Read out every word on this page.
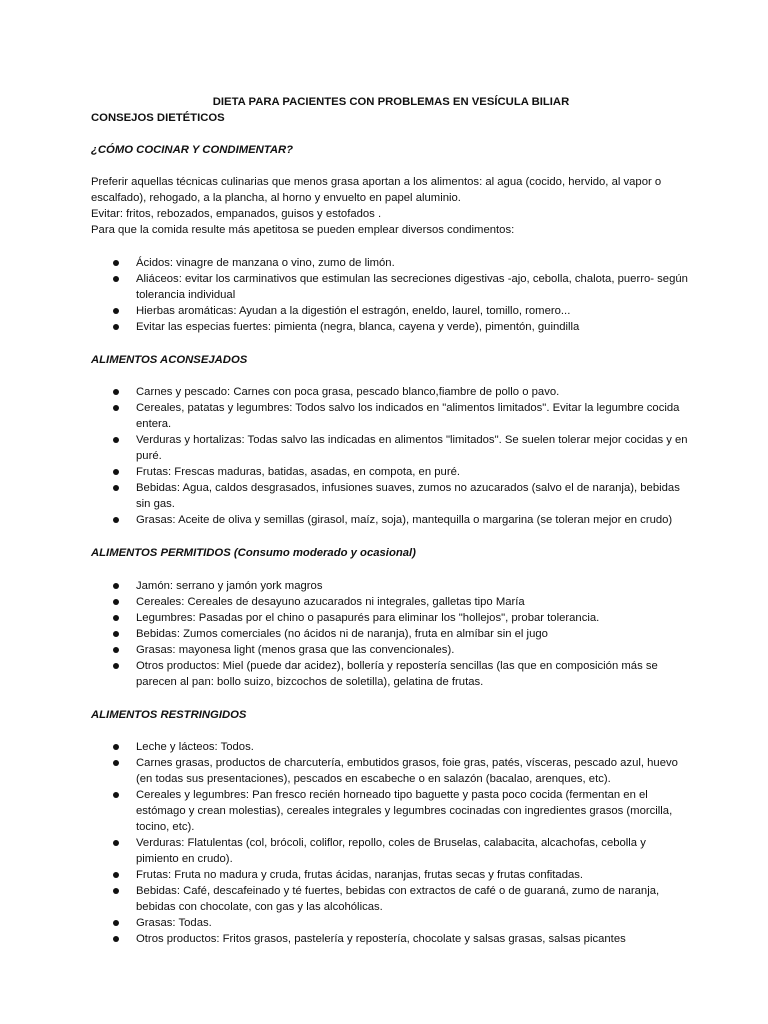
DIETA PARA PACIENTES CON PROBLEMAS EN VESÍCULA BILIAR

CONSEJOS DIETÉTICOS

¿CÓMO COCINAR Y CONDIMENTAR?

Preferir aquellas técnicas culinarias que menos grasa aportan a los alimentos: al agua (cocido, hervido, al vapor o escalfado), rehogado, a la plancha, al horno y envuelto en papel aluminio.

Evitar: fritos, rebozados, empanados, guisos y estofados .

Para que la comida resulte más apetitosa se pueden emplear diversos condimentos:

Ácidos: vinagre de manzana o vino, zumo de limón.
Aliáceos: evitar los carminativos que estimulan las secreciones digestivas -ajo, cebolla, chalota, puerro- según tolerancia individual
Hierbas aromáticas: Ayudan a la digestión el estragón, eneldo, laurel, tomillo, romero...
Evitar las especias fuertes: pimienta (negra, blanca, cayena y verde), pimentón, guindilla

ALIMENTOS ACONSEJADOS

Carnes y pescado: Carnes con poca grasa, pescado blanco,fiambre de pollo o pavo.
Cereales, patatas y legumbres: Todos salvo los indicados en "alimentos limitados". Evitar la legumbre cocida entera.
Verduras y hortalizas: Todas salvo las indicadas en alimentos "limitados". Se suelen tolerar mejor cocidas y en puré.
Frutas: Frescas maduras, batidas, asadas, en compota, en puré.
Bebidas: Agua, caldos desgrasados, infusiones suaves, zumos no azucarados (salvo el de naranja), bebidas sin gas.
Grasas: Aceite de oliva y semillas (girasol, maíz, soja), mantequilla o margarina (se toleran mejor en crudo)

ALIMENTOS PERMITIDOS (Consumo moderado y ocasional)

Jamón: serrano y jamón york magros
Cereales: Cereales de desayuno azucarados ni integrales, galletas tipo María
Legumbres: Pasadas por el chino o pasapurés para eliminar los "hollejos", probar tolerancia.
Bebidas: Zumos comerciales (no ácidos ni de naranja), fruta en almíbar sin el jugo
Grasas: mayonesa light (menos grasa que las convencionales).
Otros productos: Miel (puede dar acidez), bollería y repostería sencillas (las que en composición más se parecen al pan: bollo suizo, bizcochos de soletilla), gelatina de frutas.

ALIMENTOS RESTRINGIDOS

Leche y lácteos: Todos.
Carnes grasas, productos de charcutería, embutidos grasos, foie gras, patés, vísceras, pescado azul, huevo (en todas sus presentaciones), pescados en escabeche o en salazón (bacalao, arenques, etc).
Cereales y legumbres: Pan fresco recién horneado tipo baguette y pasta poco cocida (fermentan en el estómago y crean molestias), cereales integrales y legumbres cocinadas con ingredientes grasos (morcilla, tocino, etc).
Verduras: Flatulentas (col, brócoli, coliflor, repollo, coles de Bruselas, calabacita, alcachofas, cebolla y pimiento en crudo).
Frutas: Fruta no madura y cruda, frutas ácidas, naranjas, frutas secas y frutas confitadas.
Bebidas: Café, descafeinado y té fuertes, bebidas con extractos de café o de guaraná, zumo de naranja, bebidas con chocolate, con gas y las alcohólicas.
Grasas: Todas.
Otros productos: Fritos grasos, pastelería y repostería, chocolate y salsas grasas, salsas picantes
